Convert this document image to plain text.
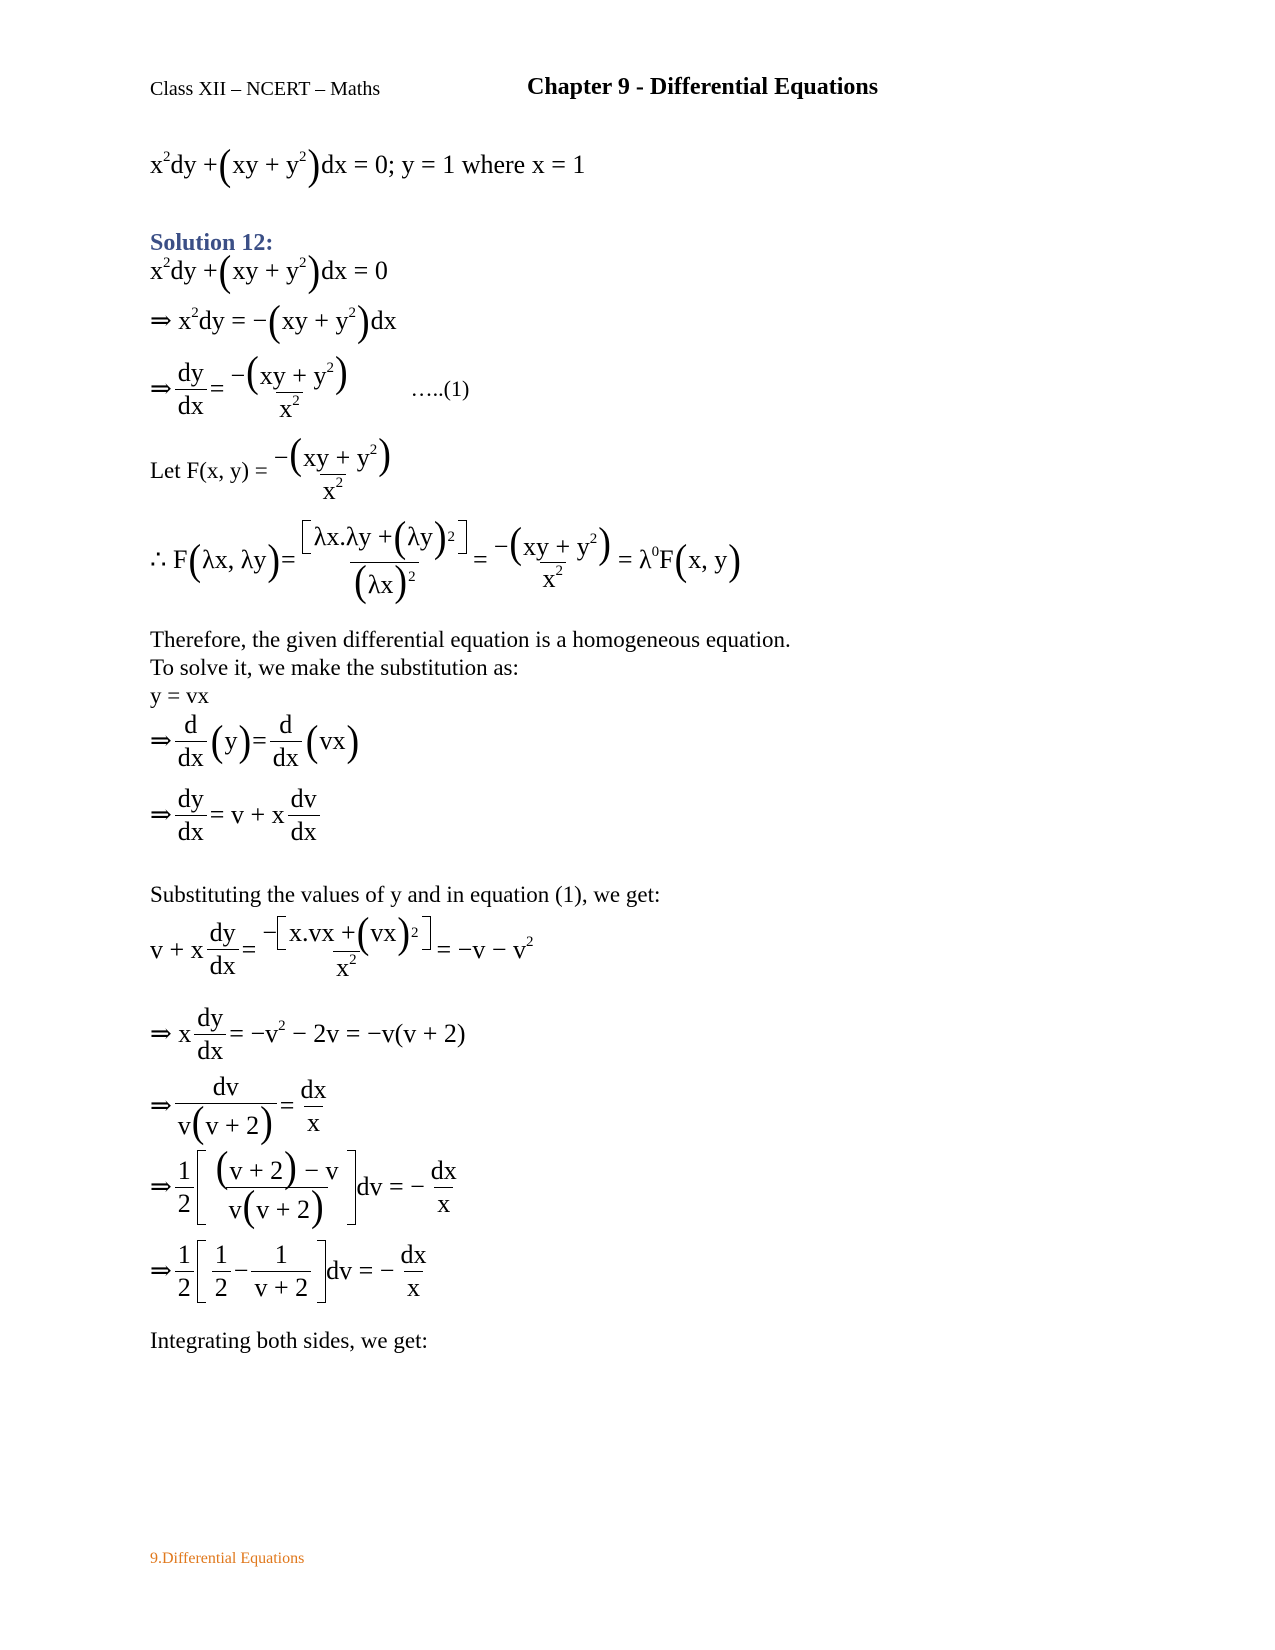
Class XII – NCERT – Maths	Chapter 9 - Differential Equations
$x^2dy$ + ( xy + $y^2$ ) dx = 0; y = 1 where x = 1
Solution 12:
$x^2dy$ + ( xy + $y^2$ ) dx = 0
⇒ $x^2dy$ = − ( xy + $y^2$ ) dx
⇒ $\frac{dy}{dx} = \frac{-(xy + y^2)}{x^2}$	…..(1)
Let F(x, $y) = \frac{-(xy + y^2)}{x^2}$
∴ F ( λx, λy ) = $\frac{\lambda x.\lambda y + ( \lambda y ) 2}{(\lambda x)^2} = \frac{-(xy + y^2)}{x^2} = \lambda^0F$ ( x, y )
Therefore, the given differential equation is a homogeneous equation.
To solve it, we make the substitution as:
y = vx
⇒ $\frac{d}{dx}$ ( y ) = $\frac{d}{dx}$ ( vx )
⇒ $\frac{dy}{dx} = v + x \frac{dv}{dx}$
Substituting the values of y and in equation (1), we get:
v + x $\frac{dy}{dx} = \frac{- x.vx + ( vx ) 2}{x^2} = -v - v^2$
⇒ x $\frac{dy}{dx} = -v^2 - 2v = -v(v + 2)$
⇒ $\frac{dv}{v(v + 2)} = \frac{dx}{x}$
⇒ $\frac{1}{2} \frac{(v + 2) - v}{v(v + 2)}$ dv = − $\frac{dx}{x}$
⇒ $\frac{1}{2} \frac{1}{2} - \frac{1}{v + 2}$ dv = − $\frac{dx}{x}$
Integrating both sides, we get:
9.Differential Equations
